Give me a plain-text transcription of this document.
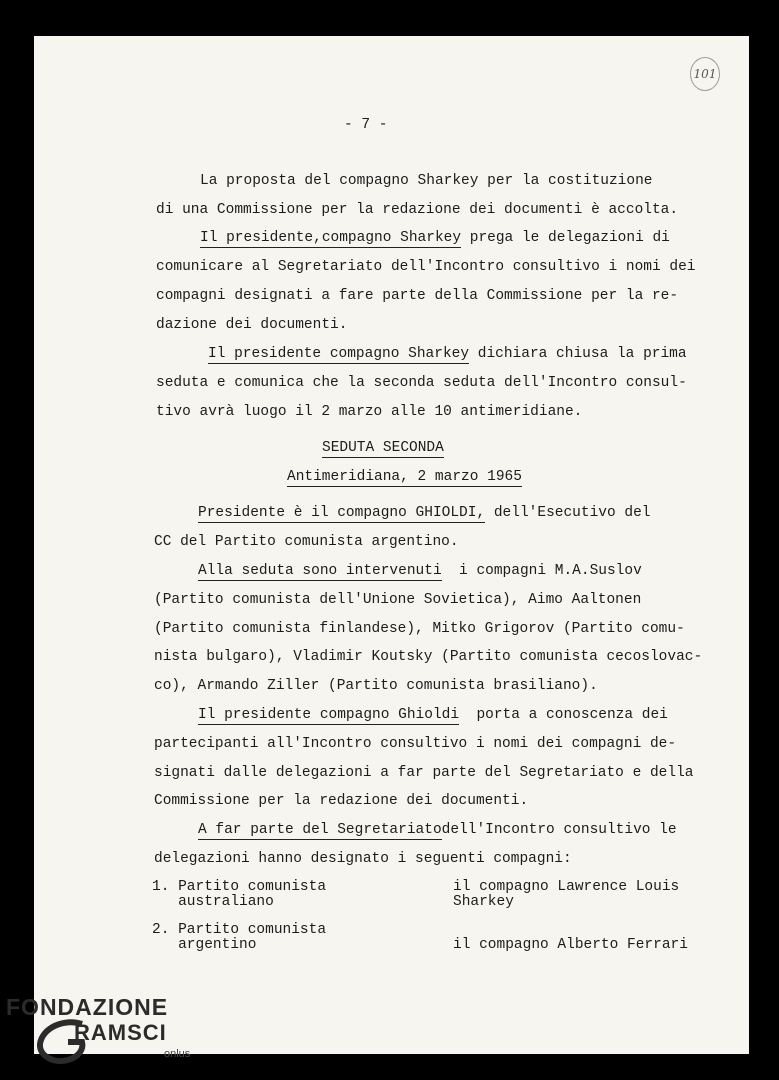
101
- 7 -
La proposta del compagno Sharkey per la costituzione
di una Commissione per la redazione dei documenti è accolta.
Il presidente,compagno Sharkey prega le delegazioni di
comunicare al Segretariato dell'Incontro consultivo i nomi dei
compagni designati a fare parte della Commissione per la re-
dazione dei documenti.
Il presidente compagno Sharkey dichiara chiusa la prima
seduta e comunica che la seconda seduta dell'Incontro consul-
tivo avrà luogo il 2 marzo alle 10 antimeridiane.
SEDUTA SECONDA
Antimeridiana, 2 marzo 1965
Presidente è il compagno GHIOLDI, dell'Esecutivo del
CC del Partito comunista argentino.
Alla seduta sono intervenuti  i compagni M.A.Suslov
(Partito comunista dell'Unione Sovietica), Aimo Aaltonen
(Partito comunista finlandese), Mitko Grigorov (Partito comu-
nista bulgaro), Vladimir Koutsky (Partito comunista cecoslovac-
co), Armando Ziller (Partito comunista brasiliano).
Il presidente compagno Ghioldi  porta a conoscenza dei
partecipanti all'Incontro consultivo i nomi dei compagni de-
signati dalle delegazioni a far parte del Segretariato e della
Commissione per la redazione dei documenti.
A far parte del Segretariatodell'Incontro consultivo le
delegazioni hanno designato i seguenti compagni:
1. Partito comunista
australiano
il compagno Lawrence Louis
Sharkey
2. Partito comunista
argentino	il compagno Alberto Ferrari
FONDAZIONE
RAMSCI
onlus
